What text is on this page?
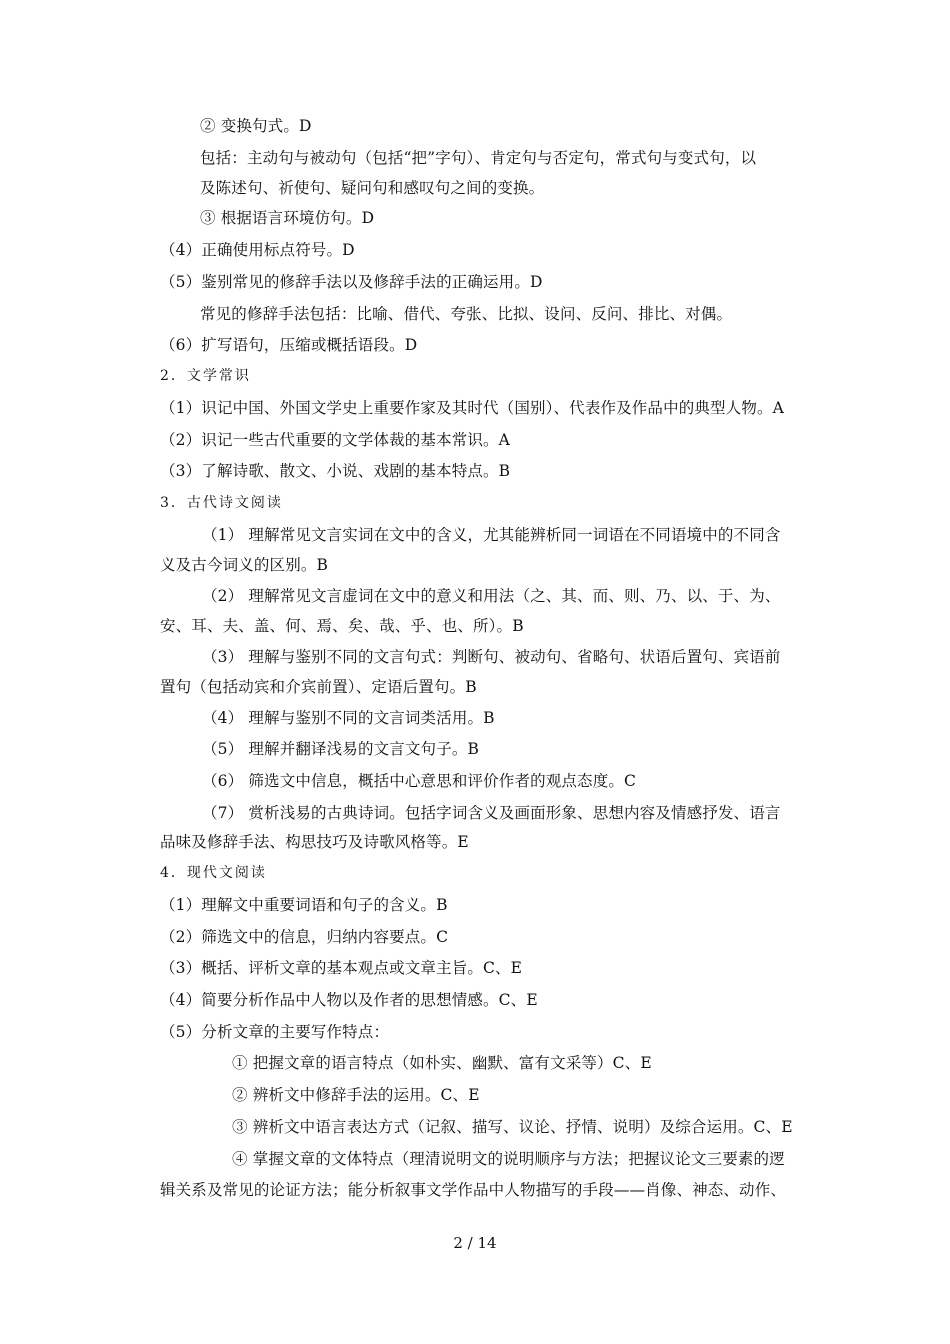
② 变换句式。D
包括：主动句与被动句（包括“把”字句）、肯定句与否定句，常式句与变式句，以
及陈述句、祈使句、疑问句和感叹句之间的变换。
③ 根据语言环境仿句。D
（4）正确使用标点符号。D
（5）鉴别常见的修辞手法以及修辞手法的正确运用。D
常见的修辞手法包括：比喻、借代、夸张、比拟、设问、反问、排比、对偶。
（6）扩写语句，压缩或概括语段。D
2．文学常识
（1）识记中国、外国文学史上重要作家及其时代（国别）、代表作及作品中的典型人物。A
（2）识记一些古代重要的文学体裁的基本常识。A
（3）了解诗歌、散文、小说、戏剧的基本特点。B
3．古代诗文阅读
（1） 理解常见文言实词在文中的含义，尤其能辨析同一词语在不同语境中的不同含
义及古今词义的区别。B
（2） 理解常见文言虚词在文中的意义和用法（之、其、而、则、乃、以、于、为、
安、耳、夫、盖、何、焉、矣、哉、乎、也、所）。B
（3） 理解与鉴别不同的文言句式：判断句、被动句、省略句、状语后置句、宾语前
置句（包括动宾和介宾前置）、定语后置句。B
（4） 理解与鉴别不同的文言词类活用。B
（5） 理解并翻译浅易的文言文句子。B
（6） 筛选文中信息，概括中心意思和评价作者的观点态度。C
（7） 赏析浅易的古典诗词。包括字词含义及画面形象、思想内容及情感抒发、语言
品味及修辞手法、构思技巧及诗歌风格等。E
4．现代文阅读
（1）理解文中重要词语和句子的含义。B
（2）筛选文中的信息，归纳内容要点。C
（3）概括、评析文章的基本观点或文章主旨。C、E
（4）简要分析作品中人物以及作者的思想情感。C、E
（5）分析文章的主要写作特点：
① 把握文章的语言特点（如朴实、幽默、富有文采等）C、E
② 辨析文中修辞手法的运用。C、E
③ 辨析文中语言表达方式（记叙、描写、议论、抒情、说明）及综合运用。C、E
④ 掌握文章的文体特点（理清说明文的说明顺序与方法；把握议论文三要素的逻
辑关系及常见的论证方法；能分析叙事文学作品中人物描写的手段——肖像、神态、动作、
2 / 14
